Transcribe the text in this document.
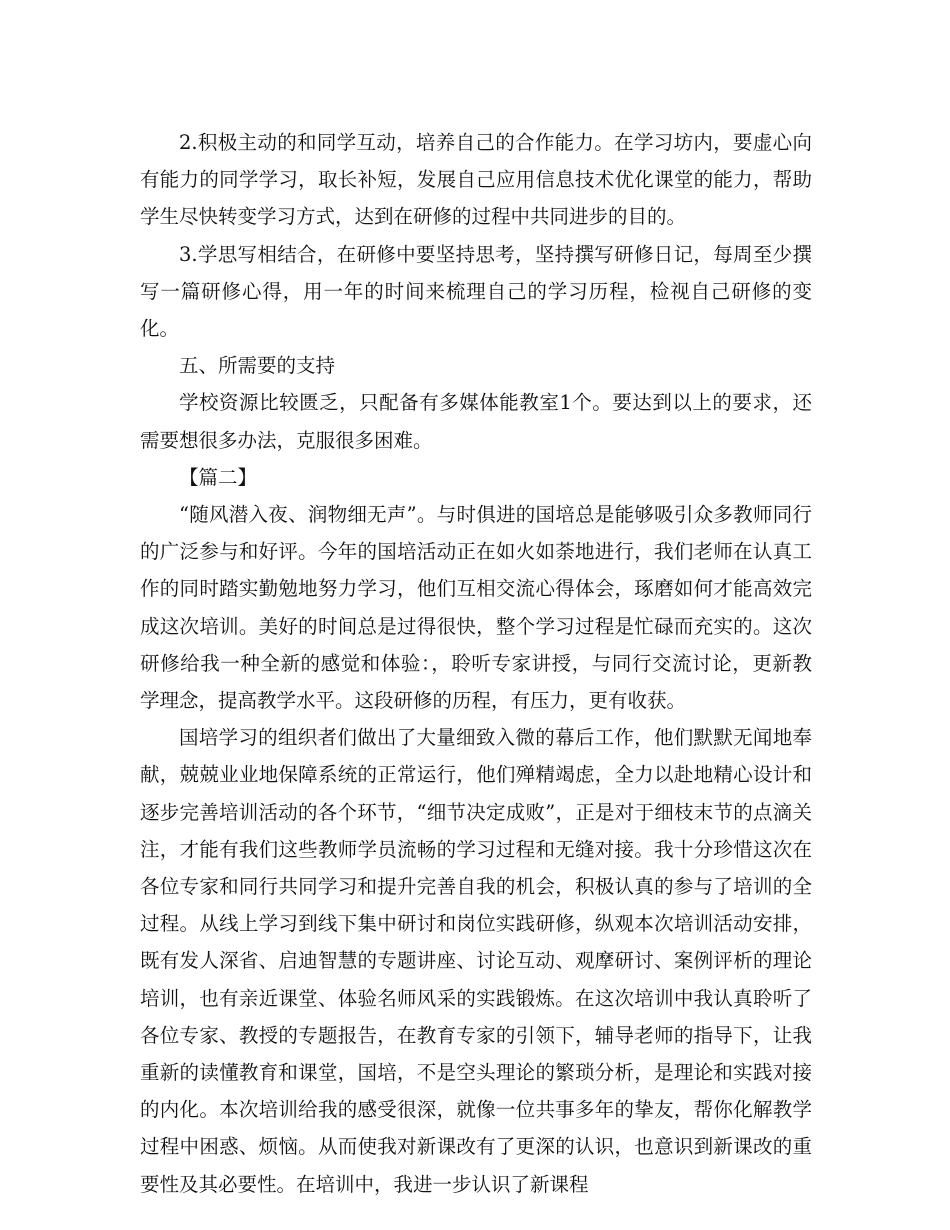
2.积极主动的和同学互动，培养自己的合作能力。在学习坊内，要虚心向有能力的同学学习，取长补短，发展自己应用信息技术优化课堂的能力，帮助学生尽快转变学习方式，达到在研修的过程中共同进步的目的。

3.学思写相结合，在研修中要坚持思考，坚持撰写研修日记，每周至少撰写一篇研修心得，用一年的时间来梳理自己的学习历程，检视自己研修的变化。

五、所需要的支持

学校资源比较匮乏，只配备有多媒体能教室1个。要达到以上的要求，还需要想很多办法，克服很多困难。

【篇二】

“随风潜入夜、润物细无声”。与时俱进的国培总是能够吸引众多教师同行的广泛参与和好评。今年的国培活动正在如火如荼地进行，我们老师在认真工作的同时踏实勤勉地努力学习，他们互相交流心得体会，琢磨如何才能高效完成这次培训。美好的时间总是过得很快，整个学习过程是忙碌而充实的。这次研修给我一种全新的感觉和体验：，聆听专家讲授，与同行交流讨论，更新教学理念，提高教学水平。这段研修的历程，有压力，更有收获。

国培学习的组织者们做出了大量细致入微的幕后工作，他们默默无闻地奉献，兢兢业业地保障系统的正常运行，他们殚精竭虑，全力以赴地精心设计和逐步完善培训活动的各个环节，“细节决定成败”，正是对于细枝末节的点滴关注，才能有我们这些教师学员流畅的学习过程和无缝对接。我十分珍惜这次在各位专家和同行共同学习和提升完善自我的机会，积极认真的参与了培训的全过程。从线上学习到线下集中研讨和岗位实践研修，纵观本次培训活动安排，既有发人深省、启迪智慧的专题讲座、讨论互动、观摩研讨、案例评析的理论培训，也有亲近课堂、体验名师风采的实践锻炼。在这次培训中我认真聆听了各位专家、教授的专题报告，在教育专家的引领下，辅导老师的指导下，让我重新的读懂教育和课堂，国培，不是空头理论的繁琐分析，是理论和实践对接的内化。本次培训给我的感受很深，就像一位共事多年的挚友，帮你化解教学过程中困惑、烦恼。从而使我对新课改有了更深的认识，也意识到新课改的重要性及其必要性。在培训中，我进一步认识了新课程
